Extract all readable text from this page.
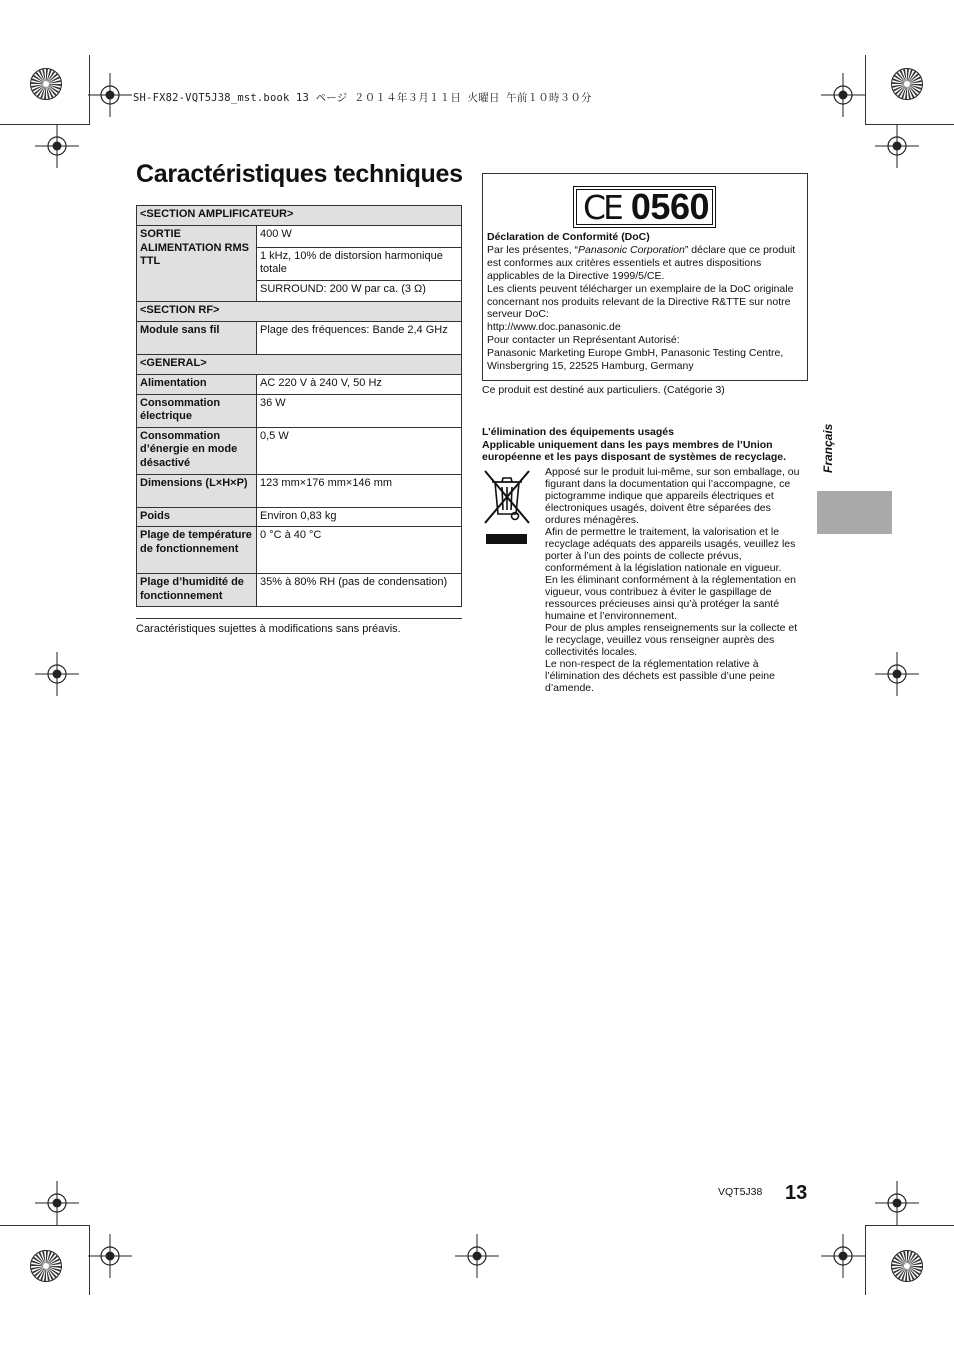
SH-FX82-VQT5J38_mst.book 13 ページ ２０１４年３月１１日 火曜日 午前１０時３０分
Caractéristiques techniques
<SECTION AMPLIFICATEUR>	
SORTIE ALIMENTATION RMS TTL	400 W
	1 kHz, 10% de distorsion harmonique totale
	SURROUND: 200 W par ca. (3 Ω)
<SECTION RF>	
Module sans fil	Plage des fréquences: Bande 2,4 GHz
<GENERAL>	
Alimentation	AC 220 V à 240 V, 50 Hz
Consommation électrique	36 W
Consommation d’énergie en mode désactivé	0,5 W
Dimensions (L×H×P)	123 mm×176 mm×146 mm
Poids	Environ 0,83 kg
Plage de température de fonctionnement	0 °C à 40 °C
Plage d’humidité de fonctionnement	35% à 80% RH (pas de condensation)
Caractéristiques sujettes à modifications sans préavis.
CE 0560

Déclaration de Conformité (DoC)

Par les présentes, “Panasonic Corporation” déclare que ce produit est conformes aux critères essentiels et autres dispositions applicables de la Directive 1999/5/CE.

Les clients peuvent télécharger un exemplaire de la DoC originale concernant nos produits relevant de la Directive R&TTE sur notre serveur DoC:

http://www.doc.panasonic.de

Pour contacter un Représentant Autorisé:

Panasonic Marketing Europe GmbH, Panasonic Testing Centre, Winsbergring 15, 22525 Hamburg, Germany

Ce produit est destiné aux particuliers. (Catégorie 3)

L’élimination des équipements usagés

Applicable uniquement dans les pays membres de l’Union européenne et les pays disposant de systèmes de recyclage.

Apposé sur le produit lui-même, sur son emballage, ou figurant dans la documentation qui l’accompagne, ce pictogramme indique que appareils électriques et électroniques usagés, doivent être séparées des ordures ménagères.

Afin de permettre le traitement, la valorisation et le recyclage adéquats des appareils usagés, veuillez les porter à l’un des points de collecte prévus, conformément à la législation nationale en vigueur.

En les éliminant conformément à la réglementation en vigueur, vous contribuez à éviter le gaspillage de ressources précieuses ainsi qu’à protéger la santé humaine et l’environnement.

Pour de plus amples renseignements sur la collecte et le recyclage, veuillez vous renseigner auprès des collectivités locales.

Le non-respect de la réglementation relative à l’élimination des déchets est passible d’une peine d’amende.

Français
VQT5J38 13
